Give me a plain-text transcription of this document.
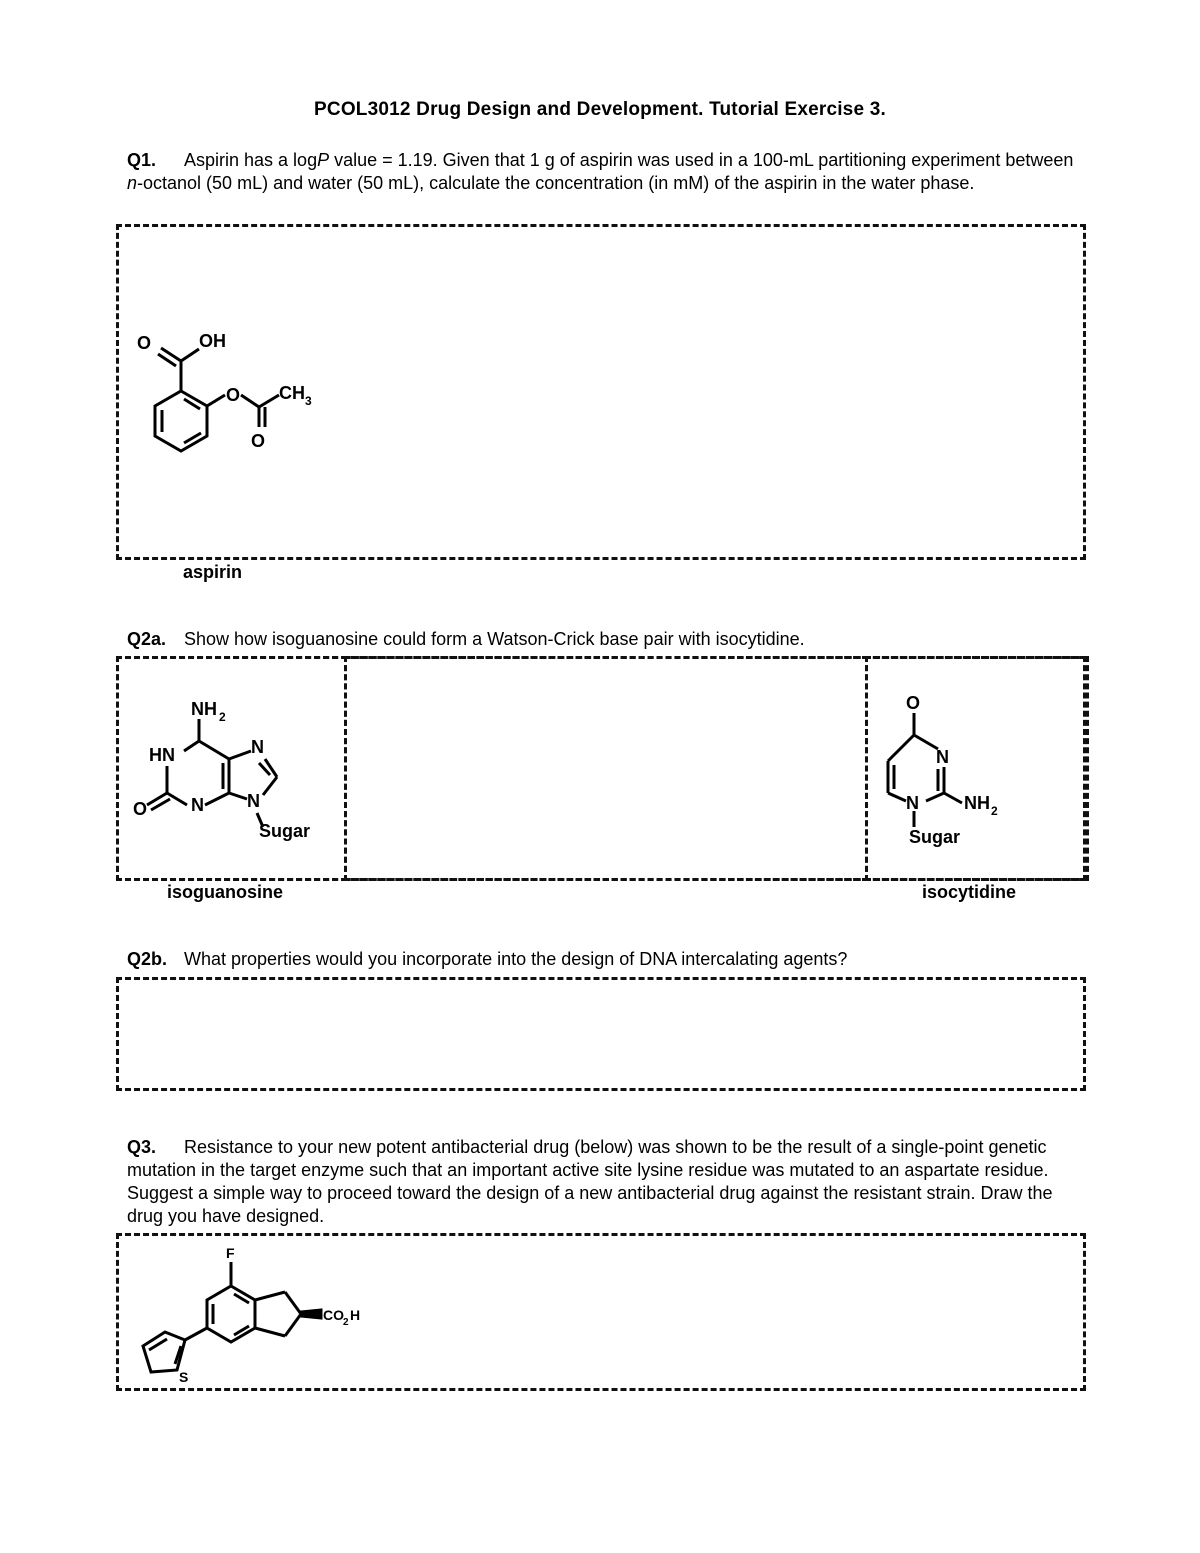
PCOL3012 Drug Design and Development. Tutorial Exercise 3.
Q1. Aspirin has a logP value = 1.19. Given that 1 g of aspirin was used in a 100-mL partitioning experiment between n-octanol (50 mL) and water (50 mL), calculate the concentration (in mM) of the aspirin in the water phase.
O	OH
O CH 3
O
aspirin
Q2a. Show how isoguanosine could form a Watson-Crick base pair with isocytidine.
NH 2
HN	N
O N N
Sugar
O
N
N	NH 2
Sugar
isoguanosine	isocytidine
Q2b. What properties would you incorporate into the design of DNA intercalating agents?
Q3. Resistance to your new potent antibacterial drug (below) was shown to be the result of a single-point genetic mutation in the target enzyme such that an important active site lysine residue was mutated to an aspartate residue. Suggest a simple way to proceed toward the design of a new antibacterial drug against the resistant strain. Draw the drug you have designed.
F
CO 2 H
S
